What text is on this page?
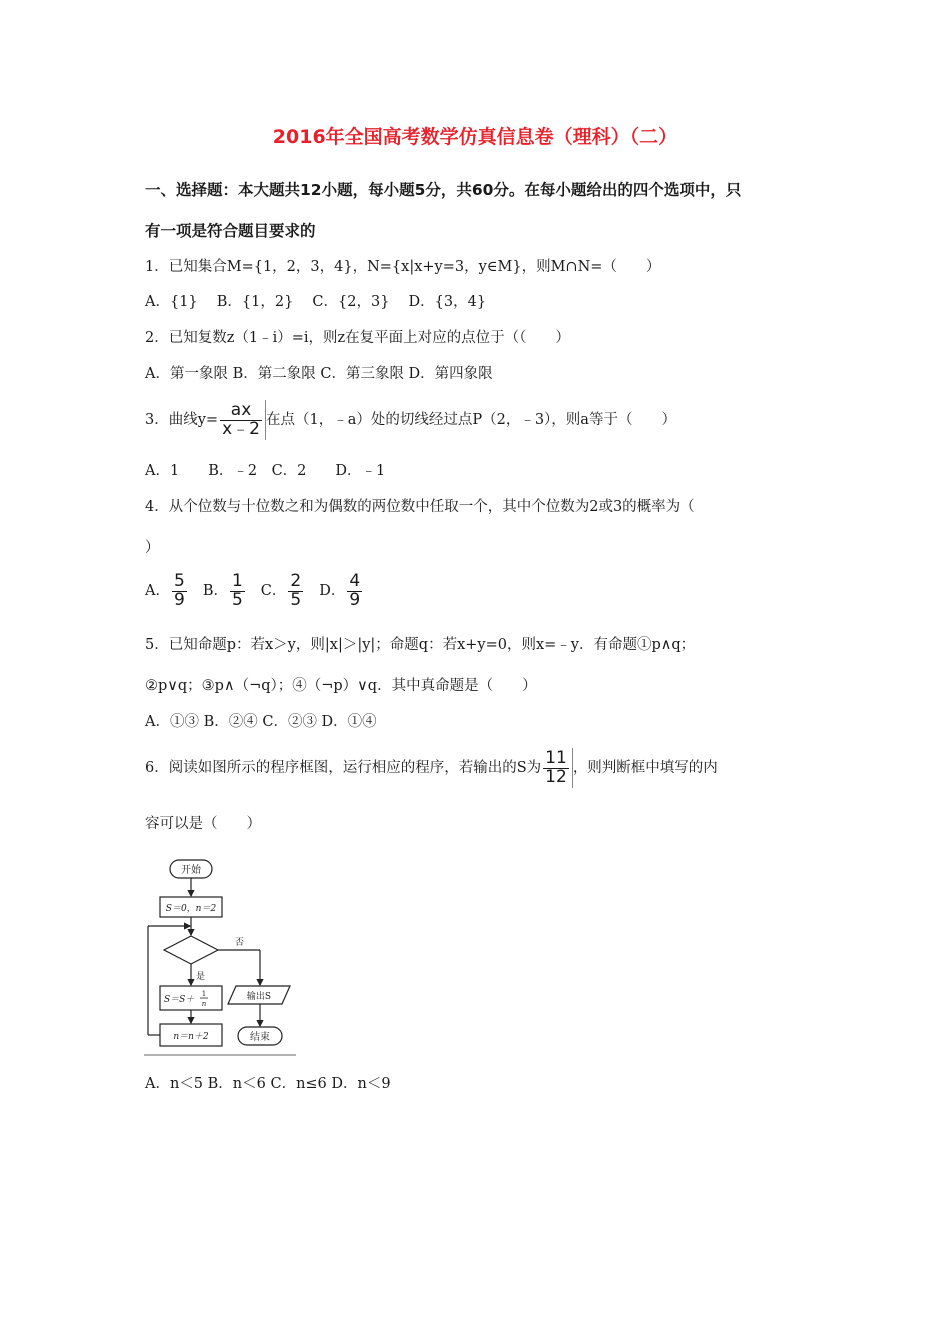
2016年全国高考数学仿真信息卷（理科）（二）
一、选择题：本大题共12小题，每小题5分，共60分。在每小题给出的四个选项中，只
有一项是符合题目要求的
1．已知集合M={1，2，3，4}，N={x|x+y=3，y∈M}，则M∩N=（　　）
A．{1}　 B．{1，2}　 C．{2，3}　 D．{3，4}
2．已知复数z（1﹣i）=i，则z在复平面上对应的点位于（（　　）
A．第一象限 B．第二象限 C．第三象限 D．第四象限
3．曲线$y= \frac{ax}{x﹣2}$ 在点（1，﹣a）处的切线经过点P（2，﹣3），则a等于（　　）
A．1　　B．﹣2　C．2　　D．﹣1
4．从个位数与十位数之和为偶数的两位数中任取一个，其中个位数为2或3的概率为（
）
A． $\frac{5}{9}$ B． $\frac{1}{5}$ C． $\frac{2}{5}$ D． $\frac{4}{9}$
5．已知命题p：若x＞y，则|x|＞|y|；命题q：若x+y=0，则x=﹣y．有命题①p∧q；
②p∨q；③p∧（¬q）；④（¬p）∨q．其中真命题是（　　）
A．①③ B．②④ C．②③ D．①④
6．阅读如图所示的程序框图，运行相应的程序，若输出的S为 $\frac{11}{12}$ ，则判断框中填写的内
容可以是（　　）
开始
S＝0，n＝2
否
是
S＝S＋
1
n
n＝n＋2
输出S
结束
A．n＜5 B．n＜6 C．n≤6 D．n＜9
